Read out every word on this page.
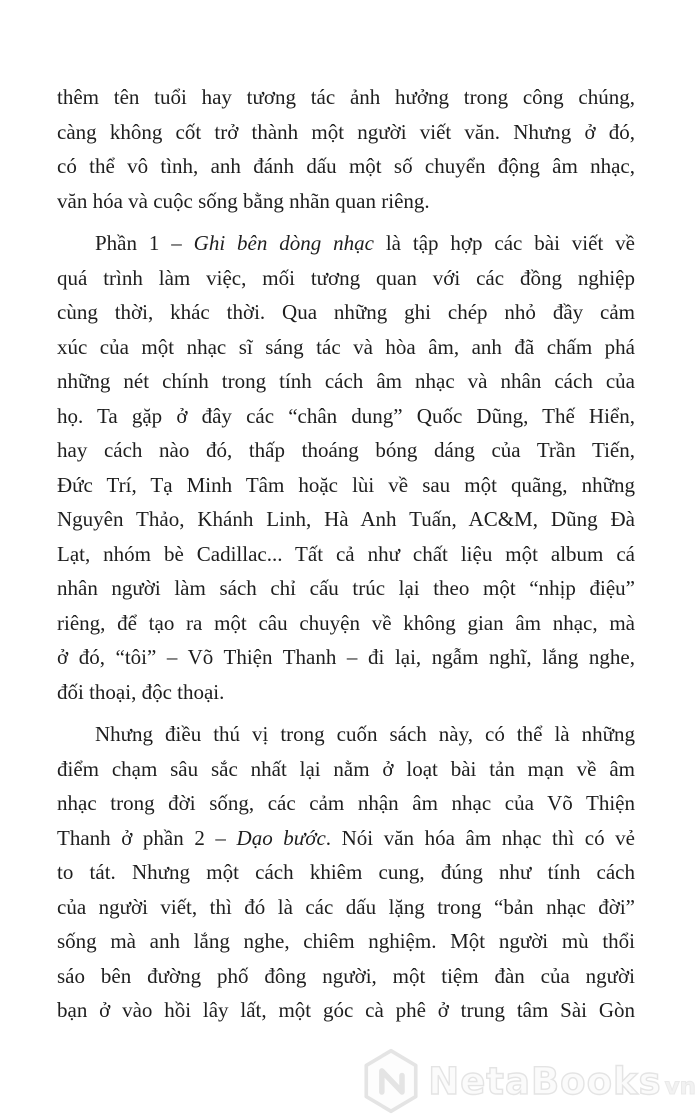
thêm tên tuổi hay tương tác ảnh hưởng trong công chúng,
càng không cốt trở thành một người viết văn. Nhưng ở đó,
có thể vô tình, anh đánh dấu một số chuyển động âm nhạc,
văn hóa và cuộc sống bằng nhãn quan riêng.
Phần 1 – Ghi bên dòng nhạc là tập hợp các bài viết về
quá trình làm việc, mối tương quan với các đồng nghiệp
cùng thời, khác thời. Qua những ghi chép nhỏ đầy cảm
xúc của một nhạc sĩ sáng tác và hòa âm, anh đã chấm phá
những nét chính trong tính cách âm nhạc và nhân cách của
họ. Ta gặp ở đây các “chân dung” Quốc Dũng, Thế Hiển,
hay cách nào đó, thấp thoáng bóng dáng của Trần Tiến,
Đức Trí, Tạ Minh Tâm hoặc lùi về sau một quãng, những
Nguyên Thảo, Khánh Linh, Hà Anh Tuấn, AC&M, Dũng Đà
Lạt, nhóm bè Cadillac... Tất cả như chất liệu một album cá
nhân người làm sách chỉ cấu trúc lại theo một “nhịp điệu”
riêng, để tạo ra một câu chuyện về không gian âm nhạc, mà
ở đó, “tôi” – Võ Thiện Thanh – đi lại, ngẫm nghĩ, lắng nghe,
đối thoại, độc thoại.
Nhưng điều thú vị trong cuốn sách này, có thể là những
điểm chạm sâu sắc nhất lại nằm ở loạt bài tản mạn về âm
nhạc trong đời sống, các cảm nhận âm nhạc của Võ Thiện
Thanh ở phần 2 – Dạo bước. Nói văn hóa âm nhạc thì có vẻ
to tát. Nhưng một cách khiêm cung, đúng như tính cách
của người viết, thì đó là các dấu lặng trong “bản nhạc đời”
sống mà anh lắng nghe, chiêm nghiệm. Một người mù thổi
sáo bên đường phố đông người, một tiệm đàn của người
bạn ở vào hồi lây lất, một góc cà phê ở trung tâm Sài Gòn
NetaBooks vn
